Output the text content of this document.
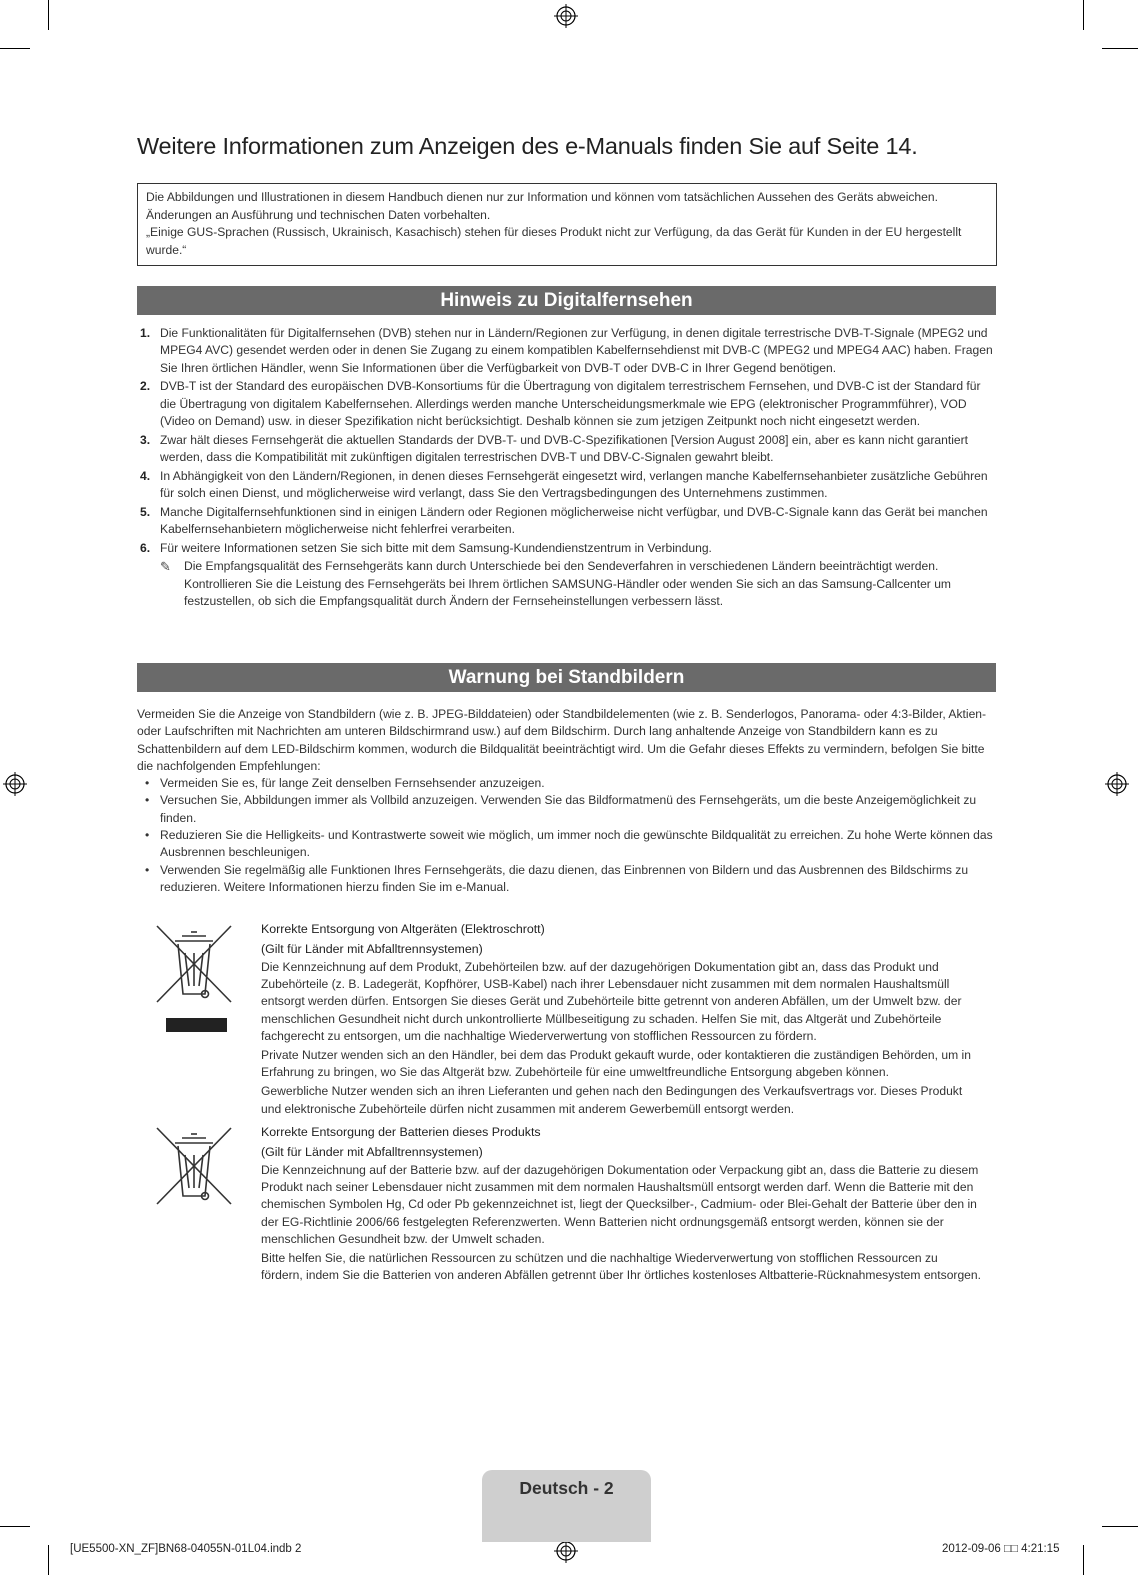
Weitere Informationen zum Anzeigen des e-Manuals finden Sie auf Seite 14.

Die Abbildungen und Illustrationen in diesem Handbuch dienen nur zur Information und können vom tatsächlichen Aussehen des Geräts abweichen. Änderungen an Ausführung und technischen Daten vorbehalten.

„Einige GUS-Sprachen (Russisch, Ukrainisch, Kasachisch) stehen für dieses Produkt nicht zur Verfügung, da das Gerät für Kunden in der EU hergestellt wurde.“

Hinweis zu Digitalfernsehen
1. Die Funktionalitäten für Digitalfernsehen (DVB) stehen nur in Ländern/Regionen zur Verfügung, in denen digitale terrestrische DVB-T-Signale (MPEG2 und MPEG4 AVC) gesendet werden oder in denen Sie Zugang zu einem kompatiblen Kabelfernsehdienst mit DVB-C (MPEG2 und MPEG4 AAC) haben. Fragen Sie Ihren örtlichen Händler, wenn Sie Informationen über die Verfügbarkeit von DVB-T oder DVB-C in Ihrer Gegend benötigen.
2. DVB-T ist der Standard des europäischen DVB-Konsortiums für die Übertragung von digitalem terrestrischem Fernsehen, und DVB-C ist der Standard für die Übertragung von digitalem Kabelfernsehen. Allerdings werden manche Unterscheidungsmerkmale wie EPG (elektronischer Programmführer), VOD (Video on Demand) usw. in dieser Spezifikation nicht berücksichtigt. Deshalb können sie zum jetzigen Zeitpunkt noch nicht eingesetzt werden.
3. Zwar hält dieses Fernsehgerät die aktuellen Standards der DVB-T- und DVB-C-Spezifikationen [Version August 2008] ein, aber es kann nicht garantiert werden, dass die Kompatibilität mit zukünftigen digitalen terrestrischen DVB-T und DBV-C-Signalen gewahrt bleibt.
4. In Abhängigkeit von den Ländern/Regionen, in denen dieses Fernsehgerät eingesetzt wird, verlangen manche Kabelfernsehanbieter zusätzliche Gebühren für solch einen Dienst, und möglicherweise wird verlangt, dass Sie den Vertragsbedingungen des Unternehmens zustimmen.
5. Manche Digitalfernsehfunktionen sind in einigen Ländern oder Regionen möglicherweise nicht verfügbar, und DVB-C-Signale kann das Gerät bei manchen Kabelfernsehanbietern möglicherweise nicht fehlerfrei verarbeiten.
6. Für weitere Informationen setzen Sie sich bitte mit dem Samsung-Kundendienstzentrum in Verbindung.
✎ Die Empfangsqualität des Fernsehgeräts kann durch Unterschiede bei den Sendeverfahren in verschiedenen Ländern beeinträchtigt werden. Kontrollieren Sie die Leistung des Fernsehgeräts bei Ihrem örtlichen SAMSUNG-Händler oder wenden Sie sich an das Samsung-Callcenter um festzustellen, ob sich die Empfangsqualität durch Ändern der Fernseheinstellungen verbessern lässt.
Warnung bei Standbildern

Vermeiden Sie die Anzeige von Standbildern (wie z. B. JPEG-Bilddateien) oder Standbildelementen (wie z. B. Senderlogos, Panorama- oder 4:3-Bilder, Aktien- oder Laufschriften mit Nachrichten am unteren Bildschirmrand usw.) auf dem Bildschirm. Durch lang anhaltende Anzeige von Standbildern kann es zu Schattenbildern auf dem LED-Bildschirm kommen, wodurch die Bildqualität beeinträchtigt wird. Um die Gefahr dieses Effekts zu vermindern, befolgen Sie bitte die nachfolgenden Empfehlungen:

• Vermeiden Sie es, für lange Zeit denselben Fernsehsender anzuzeigen.
• Versuchen Sie, Abbildungen immer als Vollbild anzuzeigen. Verwenden Sie das Bildformatmenü des Fernsehgeräts, um die beste Anzeigemöglichkeit zu finden.
• Reduzieren Sie die Helligkeits- und Kontrastwerte soweit wie möglich, um immer noch die gewünschte Bildqualität zu erreichen. Zu hohe Werte können das Ausbrennen beschleunigen.
• Verwenden Sie regelmäßig alle Funktionen Ihres Fernsehgeräts, die dazu dienen, das Einbrennen von Bildern und das Ausbrennen des Bildschirms zu reduzieren. Weitere Informationen hierzu finden Sie im e-Manual.
Korrekte Entsorgung von Altgeräten (Elektroschrott)
(Gilt für Länder mit Abfalltrennsystemen)

Die Kennzeichnung auf dem Produkt, Zubehörteilen bzw. auf der dazugehörigen Dokumentation gibt an, dass das Produkt und Zubehörteile (z. B. Ladegerät, Kopfhörer, USB-Kabel) nach ihrer Lebensdauer nicht zusammen mit dem normalen Haushaltsmüll entsorgt werden dürfen. Entsorgen Sie dieses Gerät und Zubehörteile bitte getrennt von anderen Abfällen, um der Umwelt bzw. der menschlichen Gesundheit nicht durch unkontrollierte Müllbeseitigung zu schaden. Helfen Sie mit, das Altgerät und Zubehörteile fachgerecht zu entsorgen, um die nachhaltige Wiederverwertung von stofflichen Ressourcen zu fördern.

Private Nutzer wenden sich an den Händler, bei dem das Produkt gekauft wurde, oder kontaktieren die zuständigen Behörden, um in Erfahrung zu bringen, wo Sie das Altgerät bzw. Zubehörteile für eine umweltfreundliche Entsorgung abgeben können.

Gewerbliche Nutzer wenden sich an ihren Lieferanten und gehen nach den Bedingungen des Verkaufsvertrags vor. Dieses Produkt und elektronische Zubehörteile dürfen nicht zusammen mit anderem Gewerbemüll entsorgt werden.

Korrekte Entsorgung der Batterien dieses Produkts
(Gilt für Länder mit Abfalltrennsystemen)

Die Kennzeichnung auf der Batterie bzw. auf der dazugehörigen Dokumentation oder Verpackung gibt an, dass die Batterie zu diesem Produkt nach seiner Lebensdauer nicht zusammen mit dem normalen Haushaltsmüll entsorgt werden darf. Wenn die Batterie mit den chemischen Symbolen Hg, Cd oder Pb gekennzeichnet ist, liegt der Quecksilber-, Cadmium- oder Blei-Gehalt der Batterie über den in der EG-Richtlinie 2006/66 festgelegten Referenzwerten. Wenn Batterien nicht ordnungsgemäß entsorgt werden, können sie der menschlichen Gesundheit bzw. der Umwelt schaden.

Bitte helfen Sie, die natürlichen Ressourcen zu schützen und die nachhaltige Wiederverwertung von stofflichen Ressourcen zu fördern, indem Sie die Batterien von anderen Abfällen getrennt über Ihr örtliches kostenloses Altbatterie-Rücknahmesystem entsorgen.

Deutsch - 2
[UE5500-XN_ZF]BN68-04055N-01L04.indb 2	2012-09-06 □□ 4:21:15
